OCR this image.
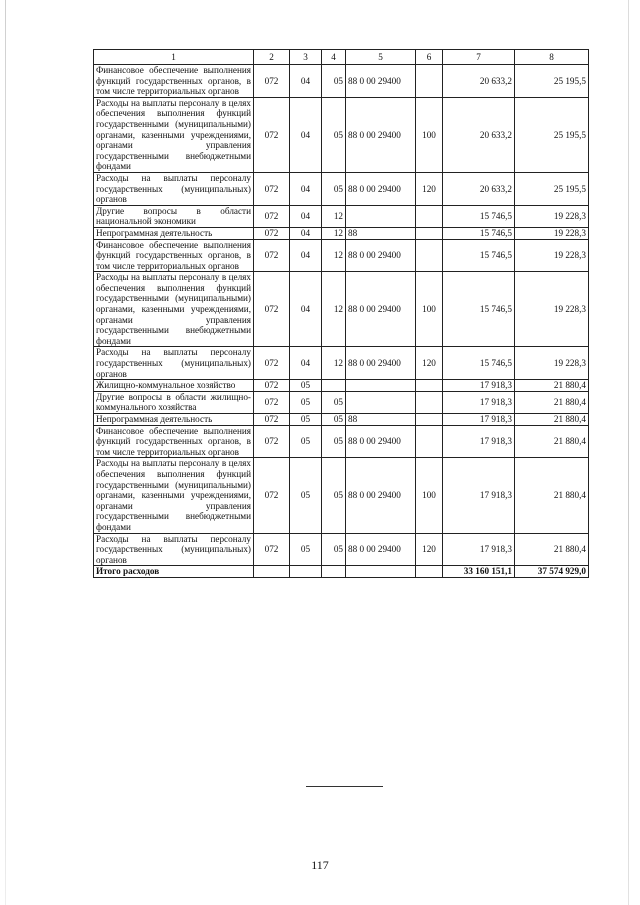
1	2	3	4	5	6	7	8
Финансовое обеспечение выполнения функций государственных органов, в том числе территориальных органов	072	04	05	88 0 00 29400		20 633,2	25 195,5
Расходы на выплаты персоналу в целях обеспечения выполнения функций государственными (муниципальными) органами, казенными учреждениями, органами управления государственными внебюджетными фондами	072	04	05	88 0 00 29400	100	20 633,2	25 195,5
Расходы на выплаты персоналу государственных (муниципальных) органов	072	04	05	88 0 00 29400	120	20 633,2	25 195,5
Другие вопросы в области национальной экономики	072	04	12			15 746,5	19 228,3
Непрограммная деятельность	072	04	12	88		15 746,5	19 228,3
Финансовое обеспечение выполнения функций государственных органов, в том числе территориальных органов	072	04	12	88 0 00 29400		15 746,5	19 228,3
Расходы на выплаты персоналу в целях обеспечения выполнения функций государственными (муниципальными) органами, казенными учреждениями, органами управления государственными внебюджетными фондами	072	04	12	88 0 00 29400	100	15 746,5	19 228,3
Расходы на выплаты персоналу государственных (муниципальных) органов	072	04	12	88 0 00 29400	120	15 746,5	19 228,3
Жилищно-коммунальное хозяйство	072	05				17 918,3	21 880,4
Другие вопросы в области жилищно-коммунального хозяйства	072	05	05			17 918,3	21 880,4
Непрограммная деятельность	072	05	05	88		17 918,3	21 880,4
Финансовое обеспечение выполнения функций государственных органов, в том числе территориальных органов	072	05	05	88 0 00 29400		17 918,3	21 880,4
Расходы на выплаты персоналу в целях обеспечения выполнения функций государственными (муниципальными) органами, казенными учреждениями, органами управления государственными внебюджетными фондами	072	05	05	88 0 00 29400	100	17 918,3	21 880,4
Расходы на выплаты персоналу государственных (муниципальных) органов	072	05	05	88 0 00 29400	120	17 918,3	21 880,4
Итого расходов						33 160 151,1	37 574 929,0
117
